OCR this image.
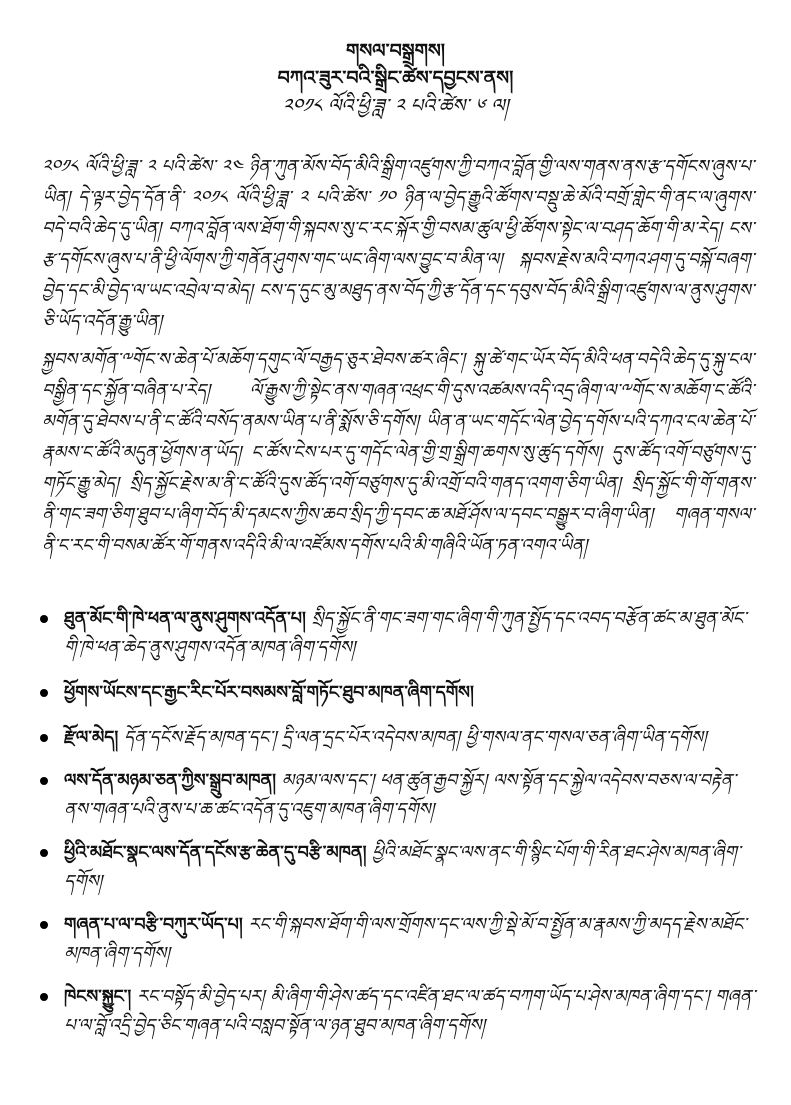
གསལ་བསྒྲགས།
བཀའ་ཟུར་བའི་སྒྲིང་ཚེས་དབྱངས་ནས།
༢༠༡༨ ལོའི་ཕྱི་ཟླ་ ༢ པའི་ཚེས་ ༦ ལ།
༢༠༡༨ ལོའི་ཕྱི་ཟླ་ ༢ པའི་ཚེས་ ༢༤ ཉིན་ཀུན་མོས་བོད་མིའི་སྒྲིག་འཛུགས་ཀྱི་བཀའ་བློན་གྱི་ལས་གནས་ནས་རྩ་དགོངས་ཞུས་པ་ཡིན། དེ་ལྟར་བྱེད་དོན་ནི་ ༢༠༡༨ ལོའི་ཕྱི་ཟླ་ ༢ པའི་ཚེས་ ༡༠ ཉིན་ལ་བྱེད་རྒྱུའི་ཚོགས་བསྡུ་ཆེ་མོའི་བགྲོ་གླེང་གི་ནང་ལ་ཞུགས་བདེ་བའི་ཆེད་དུ་ཡིན། བཀའ་བློན་ལས་ཐོག་གི་སྐབས་སུ་ང་རང་སྐོར་གྱི་བསམ་ཚུལ་ཕྱི་ཚོགས་སྟེང་ལ་བཤད་ཆོག་གི་མ་རེད། ངས་རྩ་དགོངས་ཞུས་པ་ནི་ཕྱི་ལོགས་ཀྱི་གནོན་ཤུགས་གང་ཡང་ཞིག་ལས་བྱུང་བ་མིན་ལ། སྐབས་རྗེས་མའི་བཀའ་ཤག་དུ་བསྐོ་བཞག་བྱེད་དང་མི་བྱེད་ལ་ཡང་འབྲེལ་བ་མེད། ངས་ད་དུང་མུ་མཐུད་ནས་བོད་ཀྱི་རྩ་དོན་དང་དབུས་བོད་མིའི་སྒྲིག་འཛུགས་ལ་ནུས་ཤུགས་ཅི་ཡོད་འདོན་རྒྱུ་ཡིན།
སྐྱབས་མགོན་༸གོང་ས་ཆེན་པོ་མཆོག་དགུང་ལོ་བརྒྱད་ཅུར་ཐེབས་ཚར་ཞིང་། སྐུ་ཚེ་གང་ཡོར་བོད་མིའི་ཕན་བདེའི་ཆེད་དུ་སྐུ་ངལ་བསྒྱིན་དང་སྐྱོན་བཞིན་པ་རེད། ལོ་རྒྱུས་ཀྱི་སྟེང་ནས་གཞན་འཕྲང་གི་དུས་འཚམས་འདི་འདྲ་ཞིག་ལ་༸གོང་ས་མཆོག་ང་ཚོའི་མགོན་དུ་ཐེབས་པ་ནི་ང་ཚོའི་བསོད་ནམས་ཡིན་པ་ནི་སྨོས་ཅི་དགོས། ཡིན་ན་ཡང་གདོང་ལེན་བྱེད་དགོས་པའི་དཀའ་ངལ་ཆེན་པོ་རྣམས་ང་ཚོའི་མདུན་ཕྱོགས་ན་ཡོད། ང་ཚོས་ངེས་པར་དུ་གདོང་ལེན་གྱི་གྲ་སྒྲིག་ཆགས་སུ་ཚུད་དགོས། དུས་ཚོད་འགོ་བཙུགས་དུ་གཏོང་རྒྱུ་མེད། སྲིད་སྐྱོང་རྗེས་མ་ནི་ང་ཚོའི་དུས་ཚོད་འགོ་བཙུགས་དུ་མི་འགྲོ་བའི་གནད་འགག་ཅིག་ཡིན། སྲིད་སྐྱོང་གི་གོ་གནས་ནི་གང་ཟག་ཅིག་ཐུབ་པ་ཞིག་བོད་མི་དམངས་ཀྱིས་ཆབ་སྲིད་ཀྱི་དབང་ཆ་མཐོ་ཤོས་ལ་དབང་བསྒྱུར་བ་ཞིག་ཡིན། གཞན་གསལ་ནི་ང་རང་གི་བསམ་ཚོར་གོ་གནས་འདིའི་མི་ལ་འཛོམས་དགོས་པའི་མི་གཞིའི་ཡོན་ཏན་འགའ་ཡིན།
ཐུན་མོང་གི་ཁེ་ཕན་ལ་ནུས་ཤུགས་འདོན་པ། སྲིད་སྐྱོང་ནི་གང་ཟག་གང་ཞིག་གི་ཀུན་སྤྱོད་དང་འབད་བརྩོན་ཚང་མ་ཐུན་མོང་གི་ཁེ་ཕན་ཆེད་ནུས་ཤུགས་འདོན་མཁན་ཞིག་དགོས།
ཕྱོགས་ཡོངས་དང་རྒྱང་རིང་པོར་བསམས་བློ་གཏོང་ཐུབ་མཁན་ཞིག་དགོས།
རྫོལ་མེད། དོན་དངོས་རྗོད་མཁན་དང་། དྲི་ལན་དྲང་པོར་འདེབས་མཁན། ཕྱི་གསལ་ནང་གསལ་ཅན་ཞིག་ཡིན་དགོས།
ལས་དོན་མཉམ་ཅན་ཀྱིས་སྒྲུབ་མཁན། མཉམ་ལས་དང་། ཕན་ཚུན་རྒྱབ་སྐྱོར། ལས་སྟོན་དང་སྐྱེལ་འདེབས་བཅས་ལ་བརྟེན་ནས་གཞན་པའི་ནུས་པ་ཆ་ཚང་འདོན་དུ་འཇུག་མཁན་ཞིག་དགོས།
ཕྱིའི་མཐོང་སྣང་ལས་དོན་དངོས་རྩ་ཆེན་དུ་བརྩི་མཁན། ཕྱིའི་མཐོང་སྣང་ལས་ནང་གི་སྙིང་པོག་གི་རིན་ཐང་ཤེས་མཁན་ཞིག་དགོས།
གཞན་པ་ལ་བརྩི་བཀུར་ཡོད་པ། རང་གི་སྐབས་ཐོག་གི་ལས་གྲོགས་དང་ལས་ཀྱི་སྡེ་མོ་བ་སྤྱོན་མ་རྣམས་ཀྱི་མདད་རྗེས་མཐོང་མཁན་ཞིག་དགོས།
ཁེངས་སྐྱུང་། རང་བསྟོད་མི་བྱེད་པར། མི་ཞིག་གི་ཤེས་ཚད་དང་འཛིན་ཐང་ལ་ཚད་བཀག་ཡོད་པ་ཤེས་མཁན་ཞིག་དང་། གཞན་པ་ལ་བློ་འདྲི་བྱེད་ཅིང་གཞན་པའི་བསླབ་སྟོན་ལ་ཉན་ཐུབ་མཁན་ཞིག་དགོས།
